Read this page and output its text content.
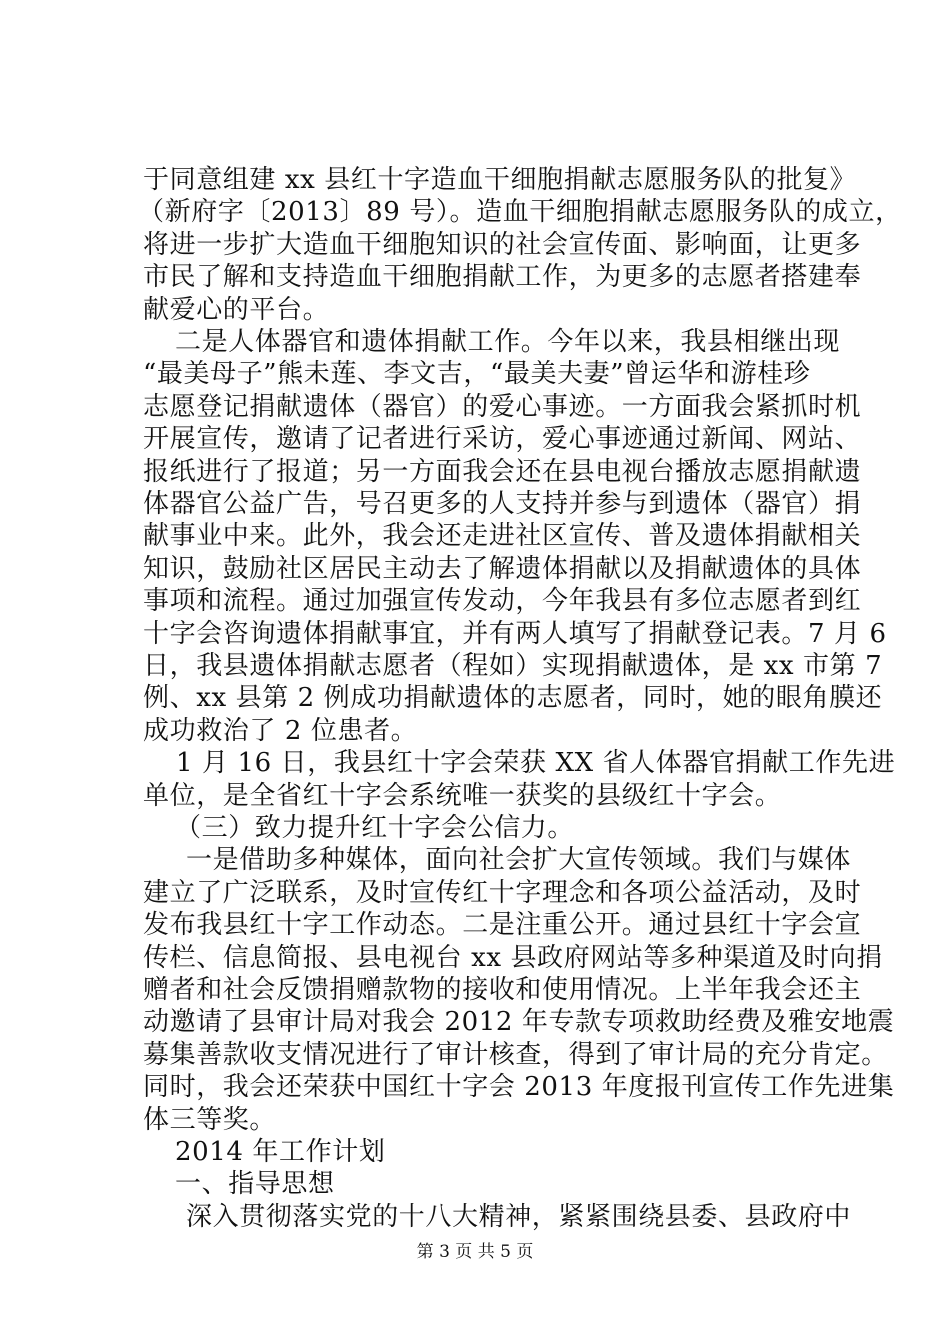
于同意组建 xx 县红十字造血干细胞捐献志愿服务队的批复》
（新府字〔2013〕89 号）。造血干细胞捐献志愿服务队的成立，
将进一步扩大造血干细胞知识的社会宣传面、影响面，让更多
市民了解和支持造血干细胞捐献工作，为更多的志愿者搭建奉
献爱心的平台。
二是人体器官和遗体捐献工作。今年以来，我县相继出现
“最美母子”熊未莲、李文吉，“最美夫妻”曾运华和游桂珍
志愿登记捐献遗体（器官）的爱心事迹。一方面我会紧抓时机
开展宣传，邀请了记者进行采访，爱心事迹通过新闻、网站、
报纸进行了报道；另一方面我会还在县电视台播放志愿捐献遗
体器官公益广告，号召更多的人支持并参与到遗体（器官）捐
献事业中来。此外，我会还走进社区宣传、普及遗体捐献相关
知识，鼓励社区居民主动去了解遗体捐献以及捐献遗体的具体
事项和流程。通过加强宣传发动，今年我县有多位志愿者到红
十字会咨询遗体捐献事宜，并有两人填写了捐献登记表。7 月 6
日，我县遗体捐献志愿者（程如）实现捐献遗体，是 xx 市第 7
例、xx 县第 2 例成功捐献遗体的志愿者，同时，她的眼角膜还
成功救治了 2 位患者。
1 月 16 日，我县红十字会荣获 XX 省人体器官捐献工作先进
单位，是全省红十字会系统唯一获奖的县级红十字会。
（三）致力提升红十字会公信力。
一是借助多种媒体，面向社会扩大宣传领域。我们与媒体
建立了广泛联系，及时宣传红十字理念和各项公益活动，及时
发布我县红十字工作动态。二是注重公开。通过县红十字会宣
传栏、信息简报、县电视台 xx 县政府网站等多种渠道及时向捐
赠者和社会反馈捐赠款物的接收和使用情况。上半年我会还主
动邀请了县审计局对我会 2012 年专款专项救助经费及雅安地震
募集善款收支情况进行了审计核查，得到了审计局的充分肯定。
同时，我会还荣获中国红十字会 2013 年度报刊宣传工作先进集
体三等奖。
2014 年工作计划
一、指导思想
深入贯彻落实党的十八大精神，紧紧围绕县委、县政府中
第 3 页 共 5 页
